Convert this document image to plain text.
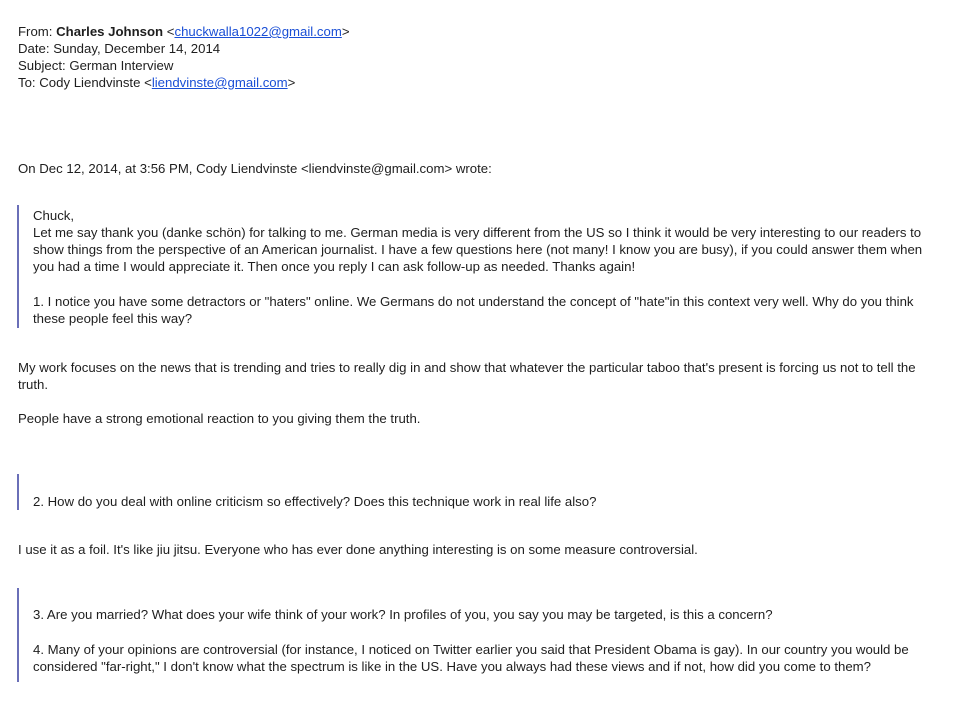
From: Charles Johnson <chuckwalla1022@gmail.com>
Date: Sunday, December 14, 2014
Subject: German Interview
To: Cody Liendvinste <liendvinste@gmail.com>
On Dec 12, 2014, at 3:56 PM, Cody Liendvinste <liendvinste@gmail.com> wrote:
Chuck,
Let me say thank you (danke schön) for talking to me. German media is very different from the US so I think it would be very interesting to our readers to show things from the perspective of an American journalist. I have a few questions here (not many! I know you are busy), if you could answer them when you had a time I would appreciate it. Then once you reply I can ask follow-up as needed. Thanks again!
1. I notice you have some detractors or "haters" online. We Germans do not understand the concept of "hate"in this context very well. Why do you think these people feel this way?
My work focuses on the news that is trending and tries to really dig in and show that whatever the particular taboo that's present is forcing us not to tell the truth.
People have a strong emotional reaction to you giving them the truth.
2. How do you deal with online criticism so effectively? Does this technique work in real life also?
I use it as a foil. It's like jiu jitsu. Everyone who has ever done anything interesting is on some measure controversial.
3. Are you married? What does your wife think of your work? In profiles of you, you say you may be targeted, is this a concern?
4. Many of your opinions are controversial (for instance, I noticed on Twitter earlier you said that President Obama is gay). In our country you would be considered "far-right," I don't know what the spectrum is like in the US. Have you always had these views and if not, how did you come to them?
